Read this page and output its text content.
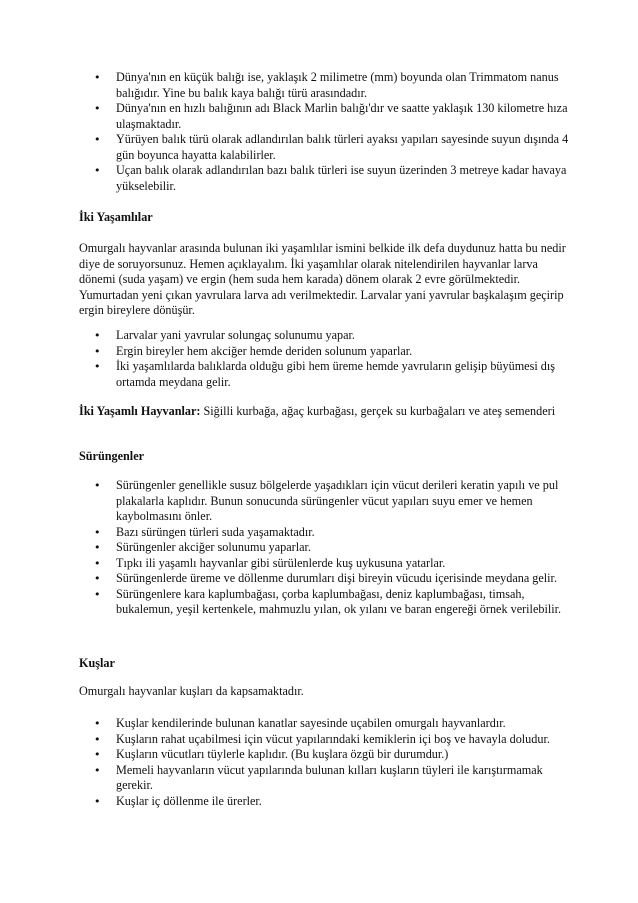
• Dünya'nın en küçük balığı ise, yaklaşık 2 milimetre (mm) boyunda olan Trimmatom nanus balığıdır. Yine bu balık kaya balığı türü arasındadır.
• Dünya'nın en hızlı balığının adı Black Marlin balığı'dır ve saatte yaklaşık 130 kilometre hıza ulaşmaktadır.
• Yürüyen balık türü olarak adlandırılan balık türleri ayaksı yapıları sayesinde suyun dışında 4 gün boyunca hayatta kalabilirler.
• Uçan balık olarak adlandırılan bazı balık türleri ise suyun üzerinden 3 metreye kadar havaya yükselebilir.
İki Yaşamlılar

Omurgalı hayvanlar arasında bulunan iki yaşamlılar ismini belkide ilk defa duydunuz hatta bu nedir diye de soruyorsunuz. Hemen açıklayalım. İki yaşamlılar olarak nitelendirilen hayvanlar larva dönemi (suda yaşam) ve ergin (hem suda hem karada) dönem olarak 2 evre görülmektedir. Yumurtadan yeni çıkan yavrulara larva adı verilmektedir. Larvalar yani yavrular başkalaşım geçirip ergin bireylere dönüşür.

• Larvalar yani yavrular solungaç solunumu yapar.
• Ergin bireyler hem akciğer hemde deriden solunum yaparlar.
• İki yaşamlılarda balıklarda olduğu gibi hem üreme hemde yavruların gelişip büyümesi dış ortamda meydana gelir.

İki Yaşamlı Hayvanlar: Siğilli kurbağa, ağaç kurbağası, gerçek su kurbağaları ve ateş semenderi

Sürüngenler
• Sürüngenler genellikle susuz bölgelerde yaşadıkları için vücut derileri keratin yapılı ve pul plakalarla kaplıdır. Bunun sonucunda sürüngenler vücut yapıları suyu emer ve hemen kaybolmasını önler.
• Bazı sürüngen türleri suda yaşamaktadır.
• Sürüngenler akciğer solunumu yaparlar.
• Tıpkı ili yaşamlı hayvanlar gibi sürülenlerde kuş uykusuna yatarlar.
• Sürüngenlerde üreme ve döllenme durumları dişi bireyin vücudu içerisinde meydana gelir.
• Sürüngenlere kara kaplumbağası, çorba kaplumbağası, deniz kaplumbağası, timsah, bukalemun, yeşil kertenkele, mahmuzlu yılan, ok yılanı ve baran engereği örnek verilebilir.
Kuşlar

Omurgalı hayvanlar kuşları da kapsamaktadır.

• Kuşlar kendilerinde bulunan kanatlar sayesinde uçabilen omurgalı hayvanlardır.
• Kuşların rahat uçabilmesi için vücut yapılarındaki kemiklerin içi boş ve havayla doludur.
• Kuşların vücutları tüylerle kaplıdır. (Bu kuşlara özgü bir durumdur.)
• Memeli hayvanların vücut yapılarında bulunan kılları kuşların tüyleri ile karıştırmamak gerekir.
• Kuşlar iç döllenme ile ürerler.
